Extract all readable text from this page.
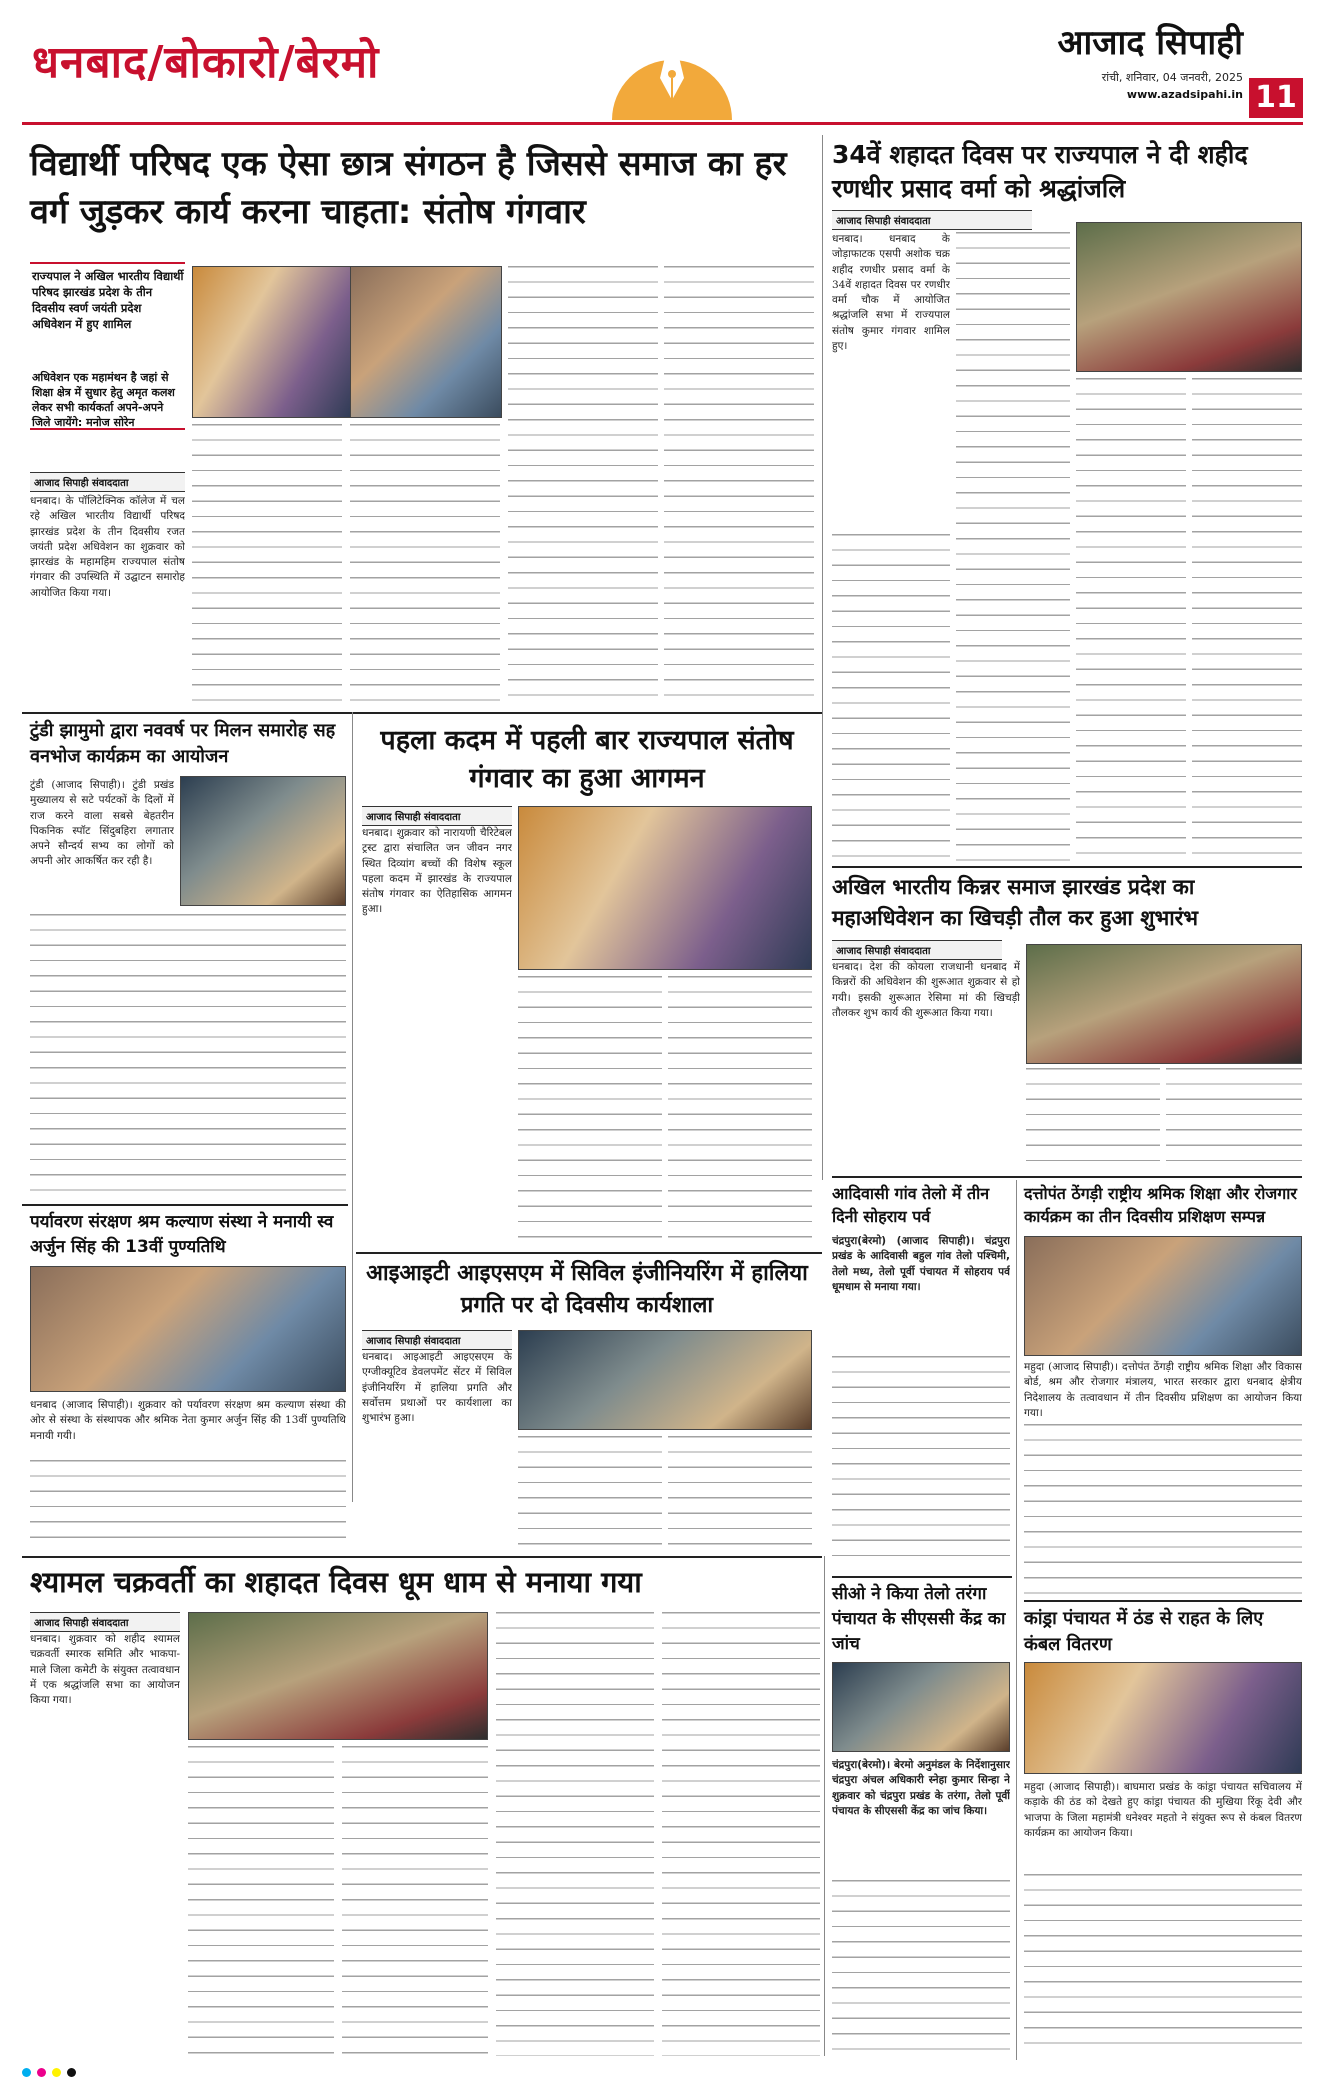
धनबाद/बोकारो/बेरमो	आजाद सिपाही
रांची, शनिवार, 04 जनवरी, 2025
www.azadsipahi.in 11
विद्यार्थी परिषद एक ऐसा छात्र संगठन है जिससे समाज का हर वर्ग जुड़कर कार्य करना चाहता: संतोष गंगवार
राज्यपाल ने अखिल भारतीय विद्यार्थी परिषद झारखंड प्रदेश के तीन दिवसीय स्वर्ण जयंती प्रदेश अधिवेशन में हुए शामिल
अधिवेशन एक महामंथन है जहां से शिक्षा क्षेत्र में सुधार हेतु अमृत कलश लेकर सभी कार्यकर्ता अपने-अपने जिले जायेंगे: मनोज सोरेन
आजाद सिपाही संवाददाता
धनबाद। के पॉलिटेक्निक कॉलेज में चल रहे अखिल भारतीय विद्यार्थी परिषद झारखंड प्रदेश के तीन दिवसीय रजत जयंती प्रदेश अधिवेशन का शुक्रवार को झारखंड के महामहिम राज्यपाल संतोष गंगवार की उपस्थिति में उद्घाटन समारोह आयोजित किया गया।
34वें शहादत दिवस पर राज्यपाल ने दी शहीद रणधीर प्रसाद वर्मा को श्रद्धांजलि
आजाद सिपाही संवाददाता
धनबाद। धनबाद के जोड़ाफाटक एसपी अशोक चक्र शहीद रणधीर प्रसाद वर्मा के 34वें शहादत दिवस पर रणधीर वर्मा चौक में आयोजित श्रद्धांजलि सभा में राज्यपाल संतोष कुमार गंगवार शामिल हुए।
टुंडी झामुमो द्वारा नववर्ष पर मिलन समारोह सह वनभोज कार्यक्रम का आयोजन
टुंडी (आजाद सिपाही)। टुंडी प्रखंड मुख्यालय से सटे पर्यटकों के दिलों में राज करने वाला सबसे बेहतरीन पिकनिक स्पॉट सिंदुबहिरा लगातार अपने सौन्दर्य सभ्य का लोगों को अपनी ओर आकर्षित कर रही है।
पहला कदम में पहली बार राज्यपाल संतोष गंगवार का हुआ आगमन
आजाद सिपाही संवाददाता
धनबाद। शुक्रवार को नारायणी चैरिटेबल ट्रस्ट द्वारा संचालित जन जीवन नगर स्थित दिव्यांग बच्चों की विशेष स्कूल पहला कदम में झारखंड के राज्यपाल संतोष गंगवार का ऐतिहासिक आगमन हुआ।
पर्यावरण संरक्षण श्रम कल्याण संस्था ने मनायी स्व अर्जुन सिंह की 13वीं पुण्यतिथि
धनबाद (आजाद सिपाही)। शुक्रवार को पर्यावरण संरक्षण श्रम कल्याण संस्था की ओर से संस्था के संस्थापक और श्रमिक नेता कुमार अर्जुन सिंह की 13वीं पुण्यतिथि मनायी गयी।
आइआइटी आइएसएम में सिविल इंजीनियरिंग में हालिया प्रगति पर दो दिवसीय कार्यशाला
आजाद सिपाही संवाददाता
धनबाद। आइआइटी आइएसएम के एग्जीक्यूटिव डेवलपमेंट सेंटर में सिविल इंजीनियरिंग में हालिया प्रगति और सर्वोत्तम प्रथाओं पर कार्यशाला का शुभारंभ हुआ।
अखिल भारतीय किन्नर समाज झारखंड प्रदेश का महाअधिवेशन का खिचड़ी तौल कर हुआ शुभारंभ
आजाद सिपाही संवाददाता
धनबाद। देश की कोयला राजधानी धनबाद में किन्नरों की अधिवेशन की शुरूआत शुक्रवार से हो गयी। इसकी शुरूआत रेसिमा मां की खिचड़ी तौलकर शुभ कार्य की शुरूआत किया गया।
आदिवासी गांव तेलो में तीन दिनी सोहराय पर्व
चंद्रपुरा(बेरमो) (आजाद सिपाही)। चंद्रपुरा प्रखंड के आदिवासी बहुल गांव तेलो पश्चिमी, तेलो मध्य, तेलो पूर्वी पंचायत में सोहराय पर्व धूमधाम से मनाया गया।
सीओ ने किया तेलो तरंगा पंचायत के सीएससी केंद्र का जांच
चंद्रपुरा(बेरमो)। बेरमो अनुमंडल के निर्देशानुसार चंद्रपुरा अंचल अधिकारी स्नेहा कुमार सिन्हा ने शुक्रवार को चंद्रपुरा प्रखंड के तरंगा, तेलो पूर्वी पंचायत के सीएससी केंद्र का जांच किया।
दत्तोपंत ठेंगड़ी राष्ट्रीय श्रमिक शिक्षा और रोजगार कार्यक्रम का तीन दिवसीय प्रशिक्षण सम्पन्न
महुदा (आजाद सिपाही)। दत्तोपंत ठेंगड़ी राष्ट्रीय श्रमिक शिक्षा और विकास बोर्ड, श्रम और रोजगार मंत्रालय, भारत सरकार द्वारा धनबाद क्षेत्रीय निदेशालय के तत्वावधान में तीन दिवसीय प्रशिक्षण का आयोजन किया गया।
कांड्रा पंचायत में ठंड से राहत के लिए कंबल वितरण
महुदा (आजाद सिपाही)। बाघमारा प्रखंड के कांड्रा पंचायत सचिवालय में कड़ाके की ठंड को देखते हुए कांड्रा पंचायत की मुखिया रिंकू देवी और भाजपा के जिला महामंत्री धनेश्वर महतो ने संयुक्त रूप से कंबल वितरण कार्यक्रम का आयोजन किया।
श्यामल चक्रवर्ती का शहादत दिवस धूम धाम से मनाया गया
आजाद सिपाही संवाददाता
धनबाद। शुक्रवार को शहीद श्यामल चक्रवर्ती स्मारक समिति और भाकपा-माले जिला कमेटी के संयुक्त तत्वावधान में एक श्रद्धांजलि सभा का आयोजन किया गया।
